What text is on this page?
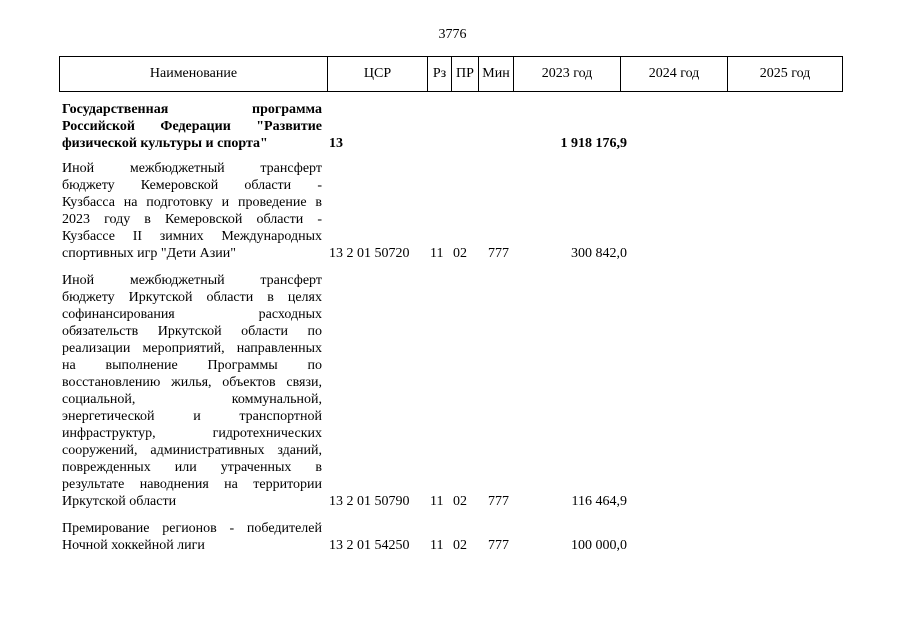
3776
Наименование	ЦСР	Рз ПР Мин	2023 год	2024 год	2025 год
Государственная программа
Российской Федерации "Развитие
физической культуры и спорта"	13	1 918 176,9
Иной межбюджетный трансферт
бюджету Кемеровской области -
Кузбасса на подготовку и проведение в
2023 году в Кемеровской области -
Кузбассе II зимних Международных
спортивных игр "Дети Азии"	13 2 01 50720 11 02 777	300 842,0
Иной межбюджетный трансферт
бюджету Иркутской области в целях
софинансирования расходных
обязательств Иркутской области по
реализации мероприятий, направленных
на выполнение Программы по
восстановлению жилья, объектов связи,
социальной, коммунальной,
энергетической и транспортной
инфраструктур, гидротехнических
сооружений, административных зданий,
поврежденных или утраченных в
результате наводнения на территории
Иркутской области	13 2 01 50790 11 02 777	116 464,9
Премирование регионов - победителей
Ночной хоккейной лиги	13 2 01 54250 11 02 777	100 000,0
